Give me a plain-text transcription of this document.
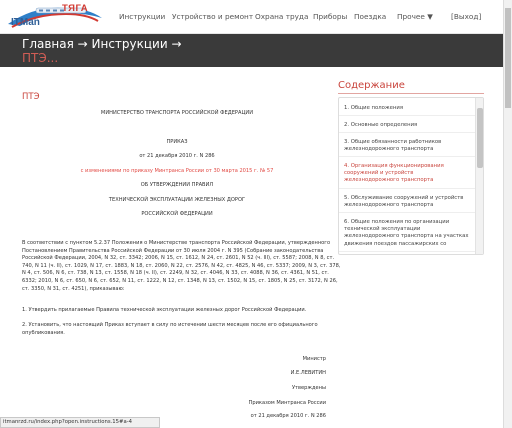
ТЯГА
ITMan
Инструкции Устройство и ремонт Охрана труда Приборы Поездка Прочее ▼ [Выход]
Главная → Инструкции →
ПТЭ...
ПТЭ
МИНИСТЕРСТВО ТРАНСПОРТА РОССИЙСКОЙ ФЕДЕРАЦИИ
ПРИКАЗ
от 21 декабря 2010 г. N 286
с изменениями по приказу Минтранса России от 30 марта 2015 г. № 57
ОБ УТВЕРЖДЕНИИ ПРАВИЛ
ТЕХНИЧЕСКОЙ ЭКСПЛУАТАЦИИ ЖЕЛЕЗНЫХ ДОРОГ
РОССИЙСКОЙ ФЕДЕРАЦИИ
В соответствии с пунктом 5.2.37 Положения о Министерстве транспорта Российской Федерации, утвержденного Постановлением Правительства Российской Федерации от 30 июля 2004 г. N 395 (Собрание законодательства Российской Федерации, 2004, N 32, ст. 3342; 2006, N 15, ст. 1612, N 24, ст. 2601, N 52 (ч. III), ст. 5587; 2008, N 8, ст. 740, N 11 (ч. II), ст. 1029, N 17, ст. 1883, N 18, ст. 2060, N 22, ст. 2576, N 42, ст. 4825, N 46, ст. 5337; 2009, N 3, ст. 378, N 4, ст. 506, N 6, ст. 738, N 13, ст. 1558, N 18 (ч. II), ст. 2249, N 32, ст. 4046, N 33, ст. 4088, N 36, ст. 4361, N 51, ст. 6332; 2010, N 6, ст. 650, N 6, ст. 652, N 11, ст. 1222, N 12, ст. 1348, N 13, ст. 1502, N 15, ст. 1805, N 25, ст. 3172, N 26, ст. 3350, N 31, ст. 4251), приказываю:
1. Утвердить прилагаемые Правила технической эксплуатации железных дорог Российской Федерации.
2. Установить, что настоящий Приказ вступает в силу по истечении шести месяцев после его официального опубликования.
Министр
И.Е.ЛЕВИТИН
Утверждены
Приказом Минтранса России
от 21 декабря 2010 г. N 286
Содержание
1. Общие положения
2. Основные определения
3. Общие обязанности работников железнодорожного транспорта
4. Организация функционирования сооружений и устройств железнодорожного транспорта
5. Обслуживание сооружений и устройств железнодорожного транспорта
6. Общие положения по организации технической эксплуатации железнодорожного транспорта на участках движения поездов пассажирских со
itmanrzd.ru/index.php?open.instructions.15#a-4
